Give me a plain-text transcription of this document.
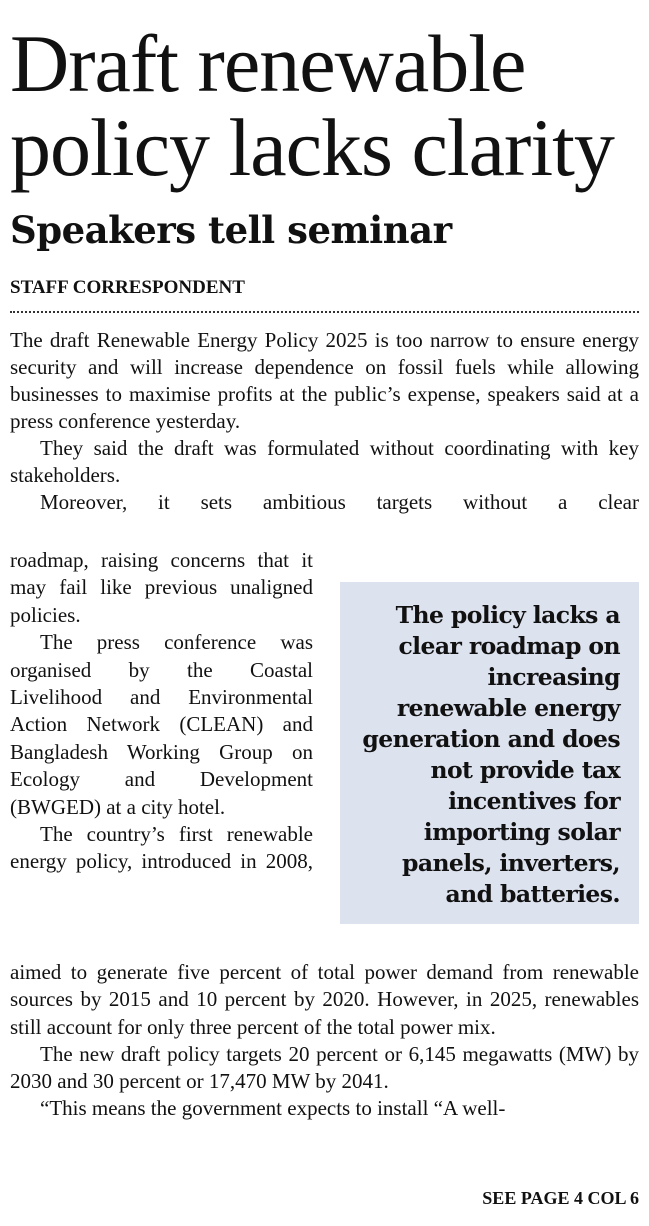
Draft renewable policy lacks clarity
Speakers tell seminar
STAFF CORRESPONDENT

The draft Renewable Energy Policy 2025 is too narrow to ensure energy security and will increase dependence on fossil fuels while allowing businesses to maximise profits at the public’s expense, speakers said at a press conference yesterday.

They said the draft was formulated without coordinating with key stakeholders.

Moreover, it sets ambitious targets without a clear

roadmap, raising concerns that it may fail like previous unaligned policies.

The press conference was organised by the Coastal Livelihood and Environmental Action Network (CLEAN) and Bangladesh Working Group on Ecology and Development (BWGED) at a city hotel.

The country’s first renewable energy policy, introduced in 2008,

The policy lacks a clear roadmap on increasing renewable energy generation and does not provide tax incentives for importing solar panels, inverters, and batteries.

aimed to generate five percent of total power demand from renewable sources by 2015 and 10 percent by 2020. However, in 2025, renewables still account for only three percent of the total power mix.

The new draft policy targets 20 percent or 6,145 megawatts (MW) by 2030 and 30 percent or 17,470 MW by 2041.

“This means the government expects to install “A well-

SEE PAGE 4 COL 6
